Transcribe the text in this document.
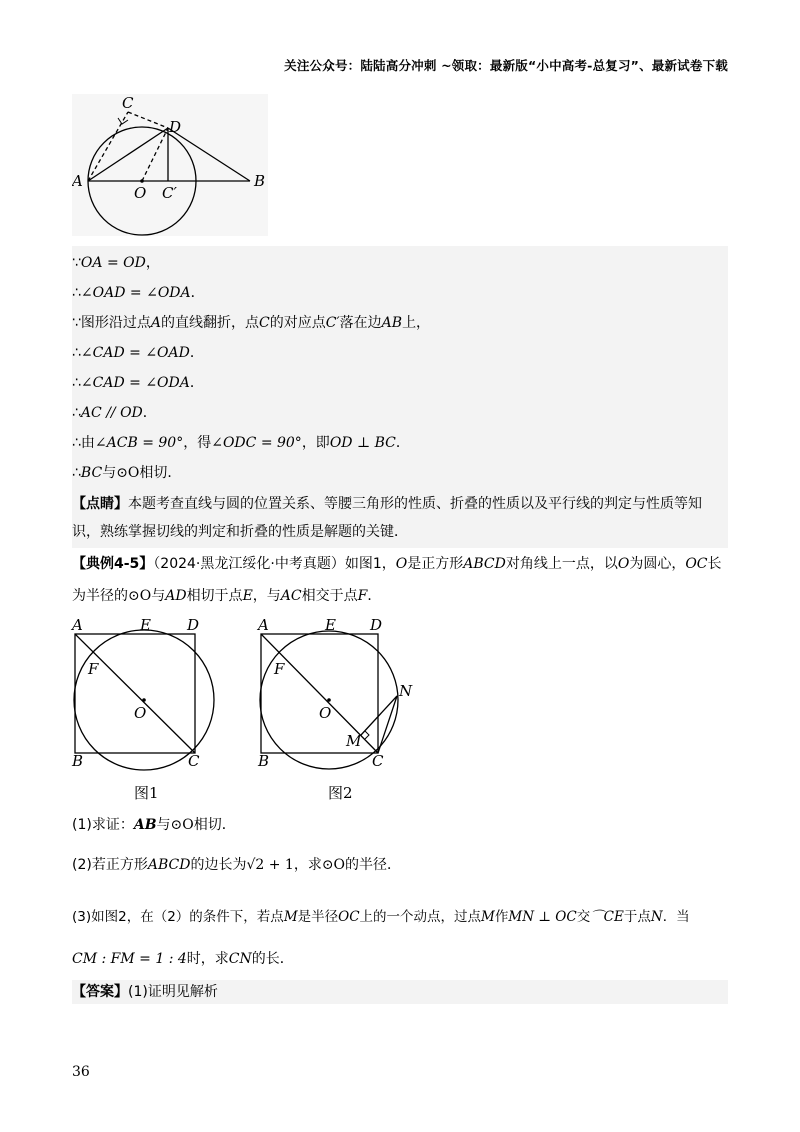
关注公众号：陆陆高分冲刺 ~领取：最新版“小中高考-总复习”、最新试卷下载
C
D
A
O C′
B
∵OA = OD，
∴∠OAD = ∠ODA．
∵图形沿过点A的直线翻折，点C的对应点C′落在边AB上，
∴∠CAD = ∠OAD．
∴∠CAD = ∠ODA．
∴AC // OD．
∴由∠ACB = 90°，得∠ODC = 90°，即OD ⊥ BC．
∴BC与⊙O相切．
【点睛】本题考查直线与圆的位置关系、等腰三角形的性质、折叠的性质以及平行线的判定与性质等知识，熟练掌握切线的判定和折叠的性质是解题的关键．
【典例4-5】（2024·黑龙江绥化·中考真题）如图1，O是正方形ABCD对角线上一点，以O为圆心，OC长为半径的⊙O与AD相切于点E，与AC相交于点F．
A	E D
F
O
B	C
图1
A	E D
F
N
O
M
B	C
图2
(1)求证：AB与⊙O相切．
(2)若正方形ABCD的边长为√2 + 1，求⊙O的半径．
(3)如图2，在（2）的条件下，若点M是半径OC上的一个动点，过点M作MN ⊥ OC交⌒CE于点N．当
CM : FM = 1 : 4时，求CN的长．
【答案】(1)证明见解析
36
